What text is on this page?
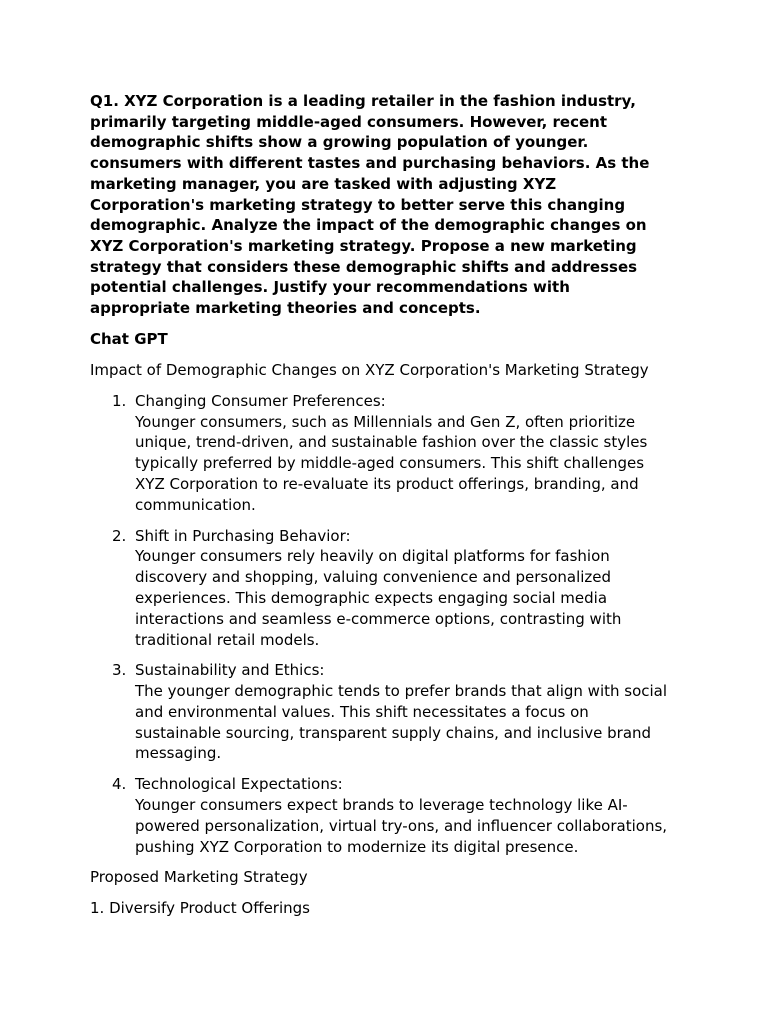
Q1. XYZ Corporation is a leading retailer in the fashion industry, primarily targeting middle-aged consumers. However, recent demographic shifts show a growing population of younger. consumers with different tastes and purchasing behaviors. As the marketing manager, you are tasked with adjusting XYZ Corporation's marketing strategy to better serve this changing demographic. Analyze the impact of the demographic changes on XYZ Corporation's marketing strategy. Propose a new marketing strategy that considers these demographic shifts and addresses potential challenges. Justify your recommendations with appropriate marketing theories and concepts.

Chat GPT

Impact of Demographic Changes on XYZ Corporation's Marketing Strategy

1. Changing Consumer Preferences:
Younger consumers, such as Millennials and Gen Z, often prioritize unique, trend-driven, and sustainable fashion over the classic styles typically preferred by middle-aged consumers. This shift challenges XYZ Corporation to re-evaluate its product offerings, branding, and communication.
2. Shift in Purchasing Behavior:
Younger consumers rely heavily on digital platforms for fashion discovery and shopping, valuing convenience and personalized experiences. This demographic expects engaging social media interactions and seamless e-commerce options, contrasting with traditional retail models.
3. Sustainability and Ethics:
The younger demographic tends to prefer brands that align with social and environmental values. This shift necessitates a focus on sustainable sourcing, transparent supply chains, and inclusive brand messaging.
4. Technological Expectations:
Younger consumers expect brands to leverage technology like AI-powered personalization, virtual try-ons, and influencer collaborations, pushing XYZ Corporation to modernize its digital presence.

Proposed Marketing Strategy

1. Diversify Product Offerings
